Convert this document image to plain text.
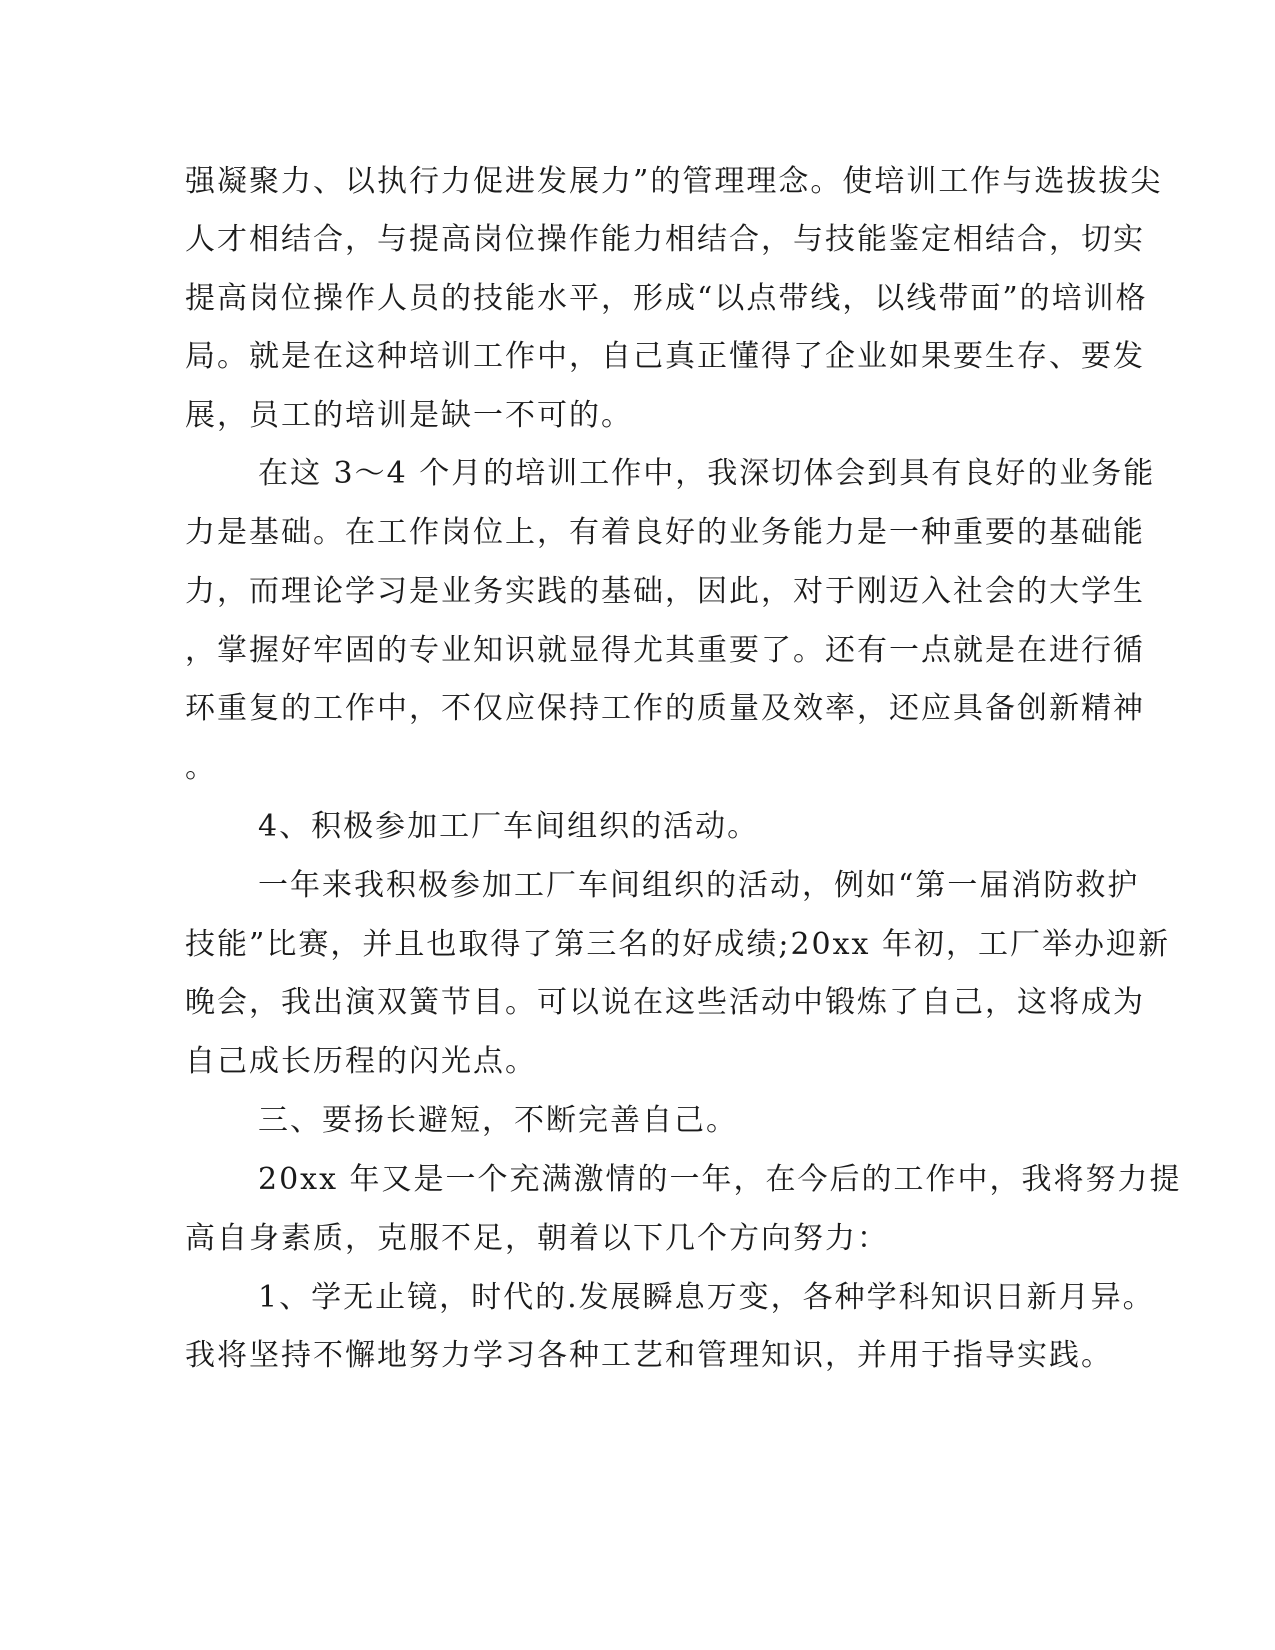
强凝聚力、以执行力促进发展力”的管理理念。使培训工作与选拔拔尖
人才相结合，与提高岗位操作能力相结合，与技能鉴定相结合，切实
提高岗位操作人员的技能水平，形成“以点带线，以线带面”的培训格
局。就是在这种培训工作中，自己真正懂得了企业如果要生存、要发
展，员工的培训是缺一不可的。
在这 3～4 个月的培训工作中，我深切体会到具有良好的业务能
力是基础。在工作岗位上，有着良好的业务能力是一种重要的基础能
力，而理论学习是业务实践的基础，因此，对于刚迈入社会的大学生
，掌握好牢固的专业知识就显得尤其重要了。还有一点就是在进行循
环重复的工作中，不仅应保持工作的质量及效率，还应具备创新精神
。
4、积极参加工厂车间组织的活动。
一年来我积极参加工厂车间组织的活动，例如“第一届消防救护
技能”比赛，并且也取得了第三名的好成绩;20xx 年初，工厂举办迎新
晚会，我出演双簧节目。可以说在这些活动中锻炼了自己，这将成为
自己成长历程的闪光点。
三、要扬长避短，不断完善自己。
20xx 年又是一个充满激情的一年，在今后的工作中，我将努力提
高自身素质，克服不足，朝着以下几个方向努力：
1、学无止镜，时代的.发展瞬息万变，各种学科知识日新月异。
我将坚持不懈地努力学习各种工艺和管理知识，并用于指导实践。
